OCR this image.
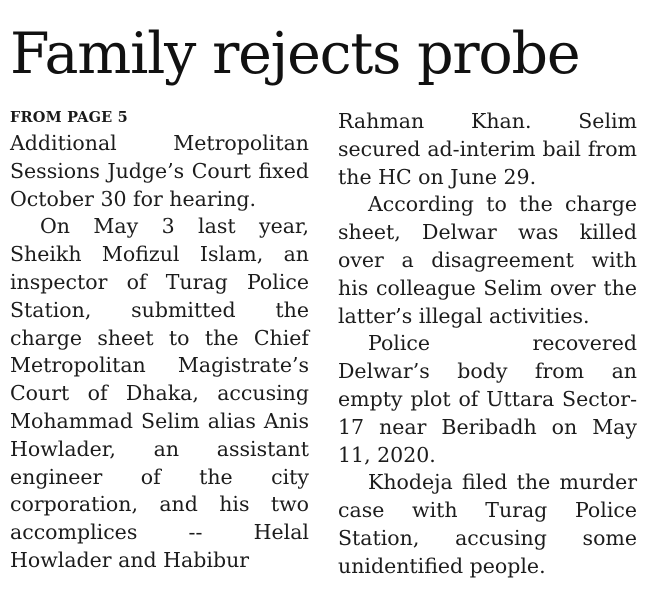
Family rejects probe
FROM PAGE 5

Additional Metropolitan Sessions Judge’s Court fixed October 30 for hearing.

On May 3 last year, Sheikh Mofizul Islam, an inspector of Turag Police Station, submitted the charge sheet to the Chief Metropolitan Magistrate’s Court of Dhaka, accusing Mohammad Selim alias Anis Howlader, an assistant engineer of the city corporation, and his two accomplices -- Helal Howlader and Habibur

Rahman Khan. Selim secured ad-interim bail from the HC on June 29.

According to the charge sheet, Delwar was killed over a disagreement with his colleague Selim over the latter’s illegal activities.

Police recovered Delwar’s body from an empty plot of Uttara Sector-17 near Beribadh on May 11, 2020.

Khodeja filed the murder case with Turag Police Station, accusing some unidentified people.
